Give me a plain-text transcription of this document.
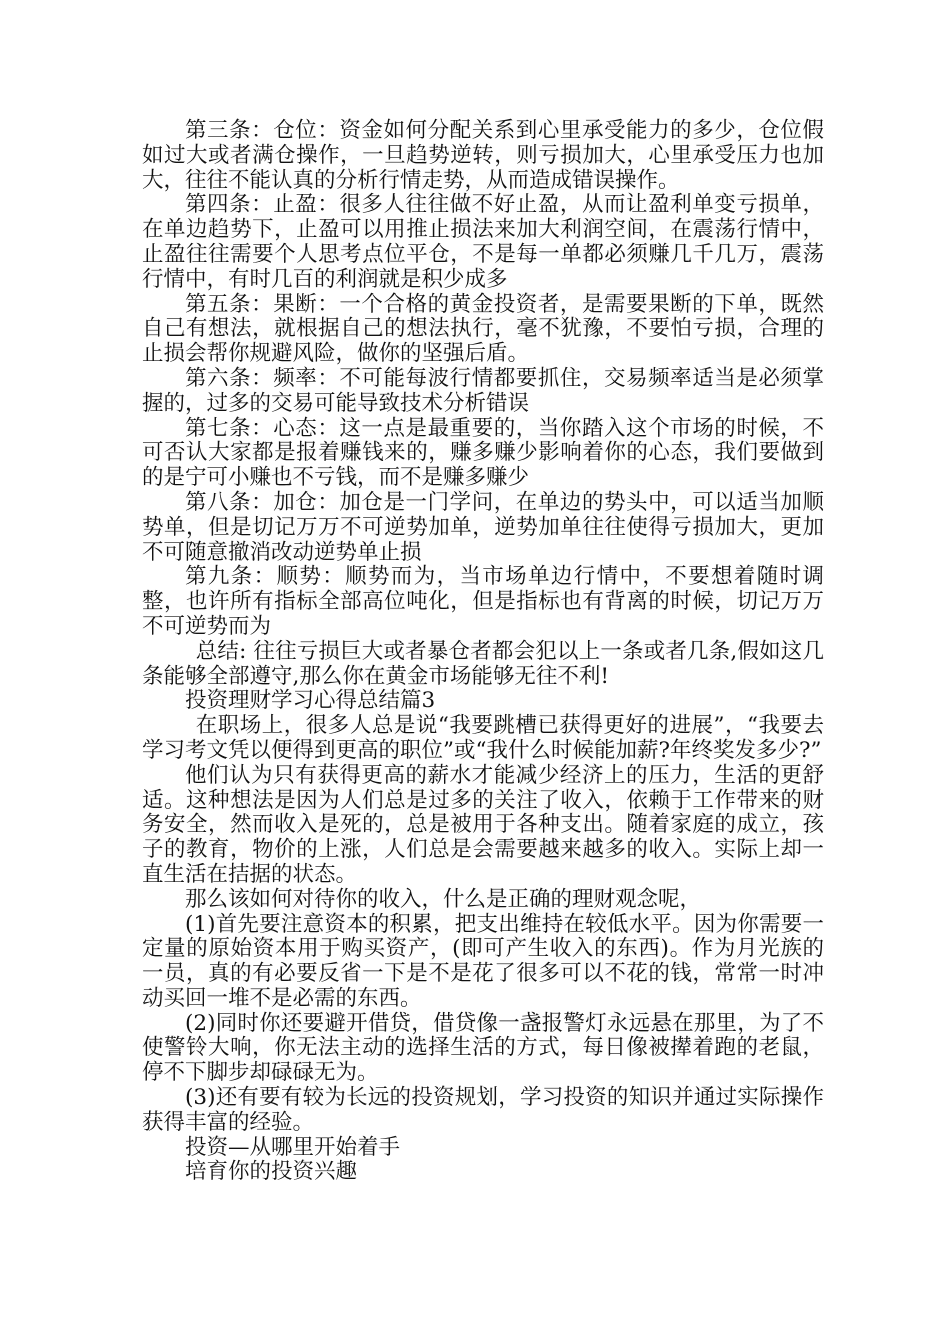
第三条：仓位：资金如何分配关系到心里承受能力的多少，仓位假如过大或者满仓操作，一旦趋势逆转，则亏损加大，心里承受压力也加大，往往不能认真的分析行情走势，从而造成错误操作。

第四条：止盈：很多人往往做不好止盈，从而让盈利单变亏损单，在单边趋势下，止盈可以用推止损法来加大利润空间，在震荡行情中，止盈往往需要个人思考点位平仓，不是每一单都必须赚几千几万，震荡行情中，有时几百的利润就是积少成多

第五条：果断：一个合格的黄金投资者，是需要果断的下单，既然自己有想法，就根据自己的想法执行，毫不犹豫，不要怕亏损，合理的止损会帮你规避风险，做你的坚强后盾。

第六条：频率：不可能每波行情都要抓住，交易频率适当是必须掌握的，过多的交易可能导致技术分析错误

第七条：心态：这一点是最重要的，当你踏入这个市场的时候，不可否认大家都是报着赚钱来的，赚多赚少影响着你的心态，我们要做到的是宁可小赚也不亏钱，而不是赚多赚少

第八条：加仓：加仓是一门学问，在单边的势头中，可以适当加顺势单，但是切记万万不可逆势加单，逆势加单往往使得亏损加大，更加不可随意撤消改动逆势单止损

第九条：顺势：顺势而为，当市场单边行情中，不要想着随时调整，也许所有指标全部高位吨化，但是指标也有背离的时候，切记万万不可逆势而为

总结: 往往亏损巨大或者暴仓者都会犯以上一条或者几条,假如这几条能够全部遵守,那么你在黄金市场能够无往不利!

投资理财学习心得总结篇3

在职场上，很多人总是说“我要跳槽已获得更好的进展”，“我要去学习考文凭以便得到更高的职位”或“我什么时候能加薪?年终奖发多少?”

他们认为只有获得更高的薪水才能减少经济上的压力，生活的更舒适。这种想法是因为人们总是过多的关注了收入，依赖于工作带来的财务安全，然而收入是死的，总是被用于各种支出。随着家庭的成立，孩子的教育，物价的上涨，人们总是会需要越来越多的收入。实际上却一直生活在拮据的状态。

那么该如何对待你的收入，什么是正确的理财观念呢，

(1)首先要注意资本的积累，把支出维持在较低水平。因为你需要一定量的原始资本用于购买资产，(即可产生收入的东西)。作为月光族的一员，真的有必要反省一下是不是花了很多可以不花的钱，常常一时冲动买回一堆不是必需的东西。

(2)同时你还要避开借贷，借贷像一盏报警灯永远悬在那里，为了不使警铃大响，你无法主动的选择生活的方式，每日像被撵着跑的老鼠，停不下脚步却碌碌无为。

(3)还有要有较为长远的投资规划，学习投资的知识并通过实际操作获得丰富的经验。

投资—从哪里开始着手

培育你的投资兴趣
